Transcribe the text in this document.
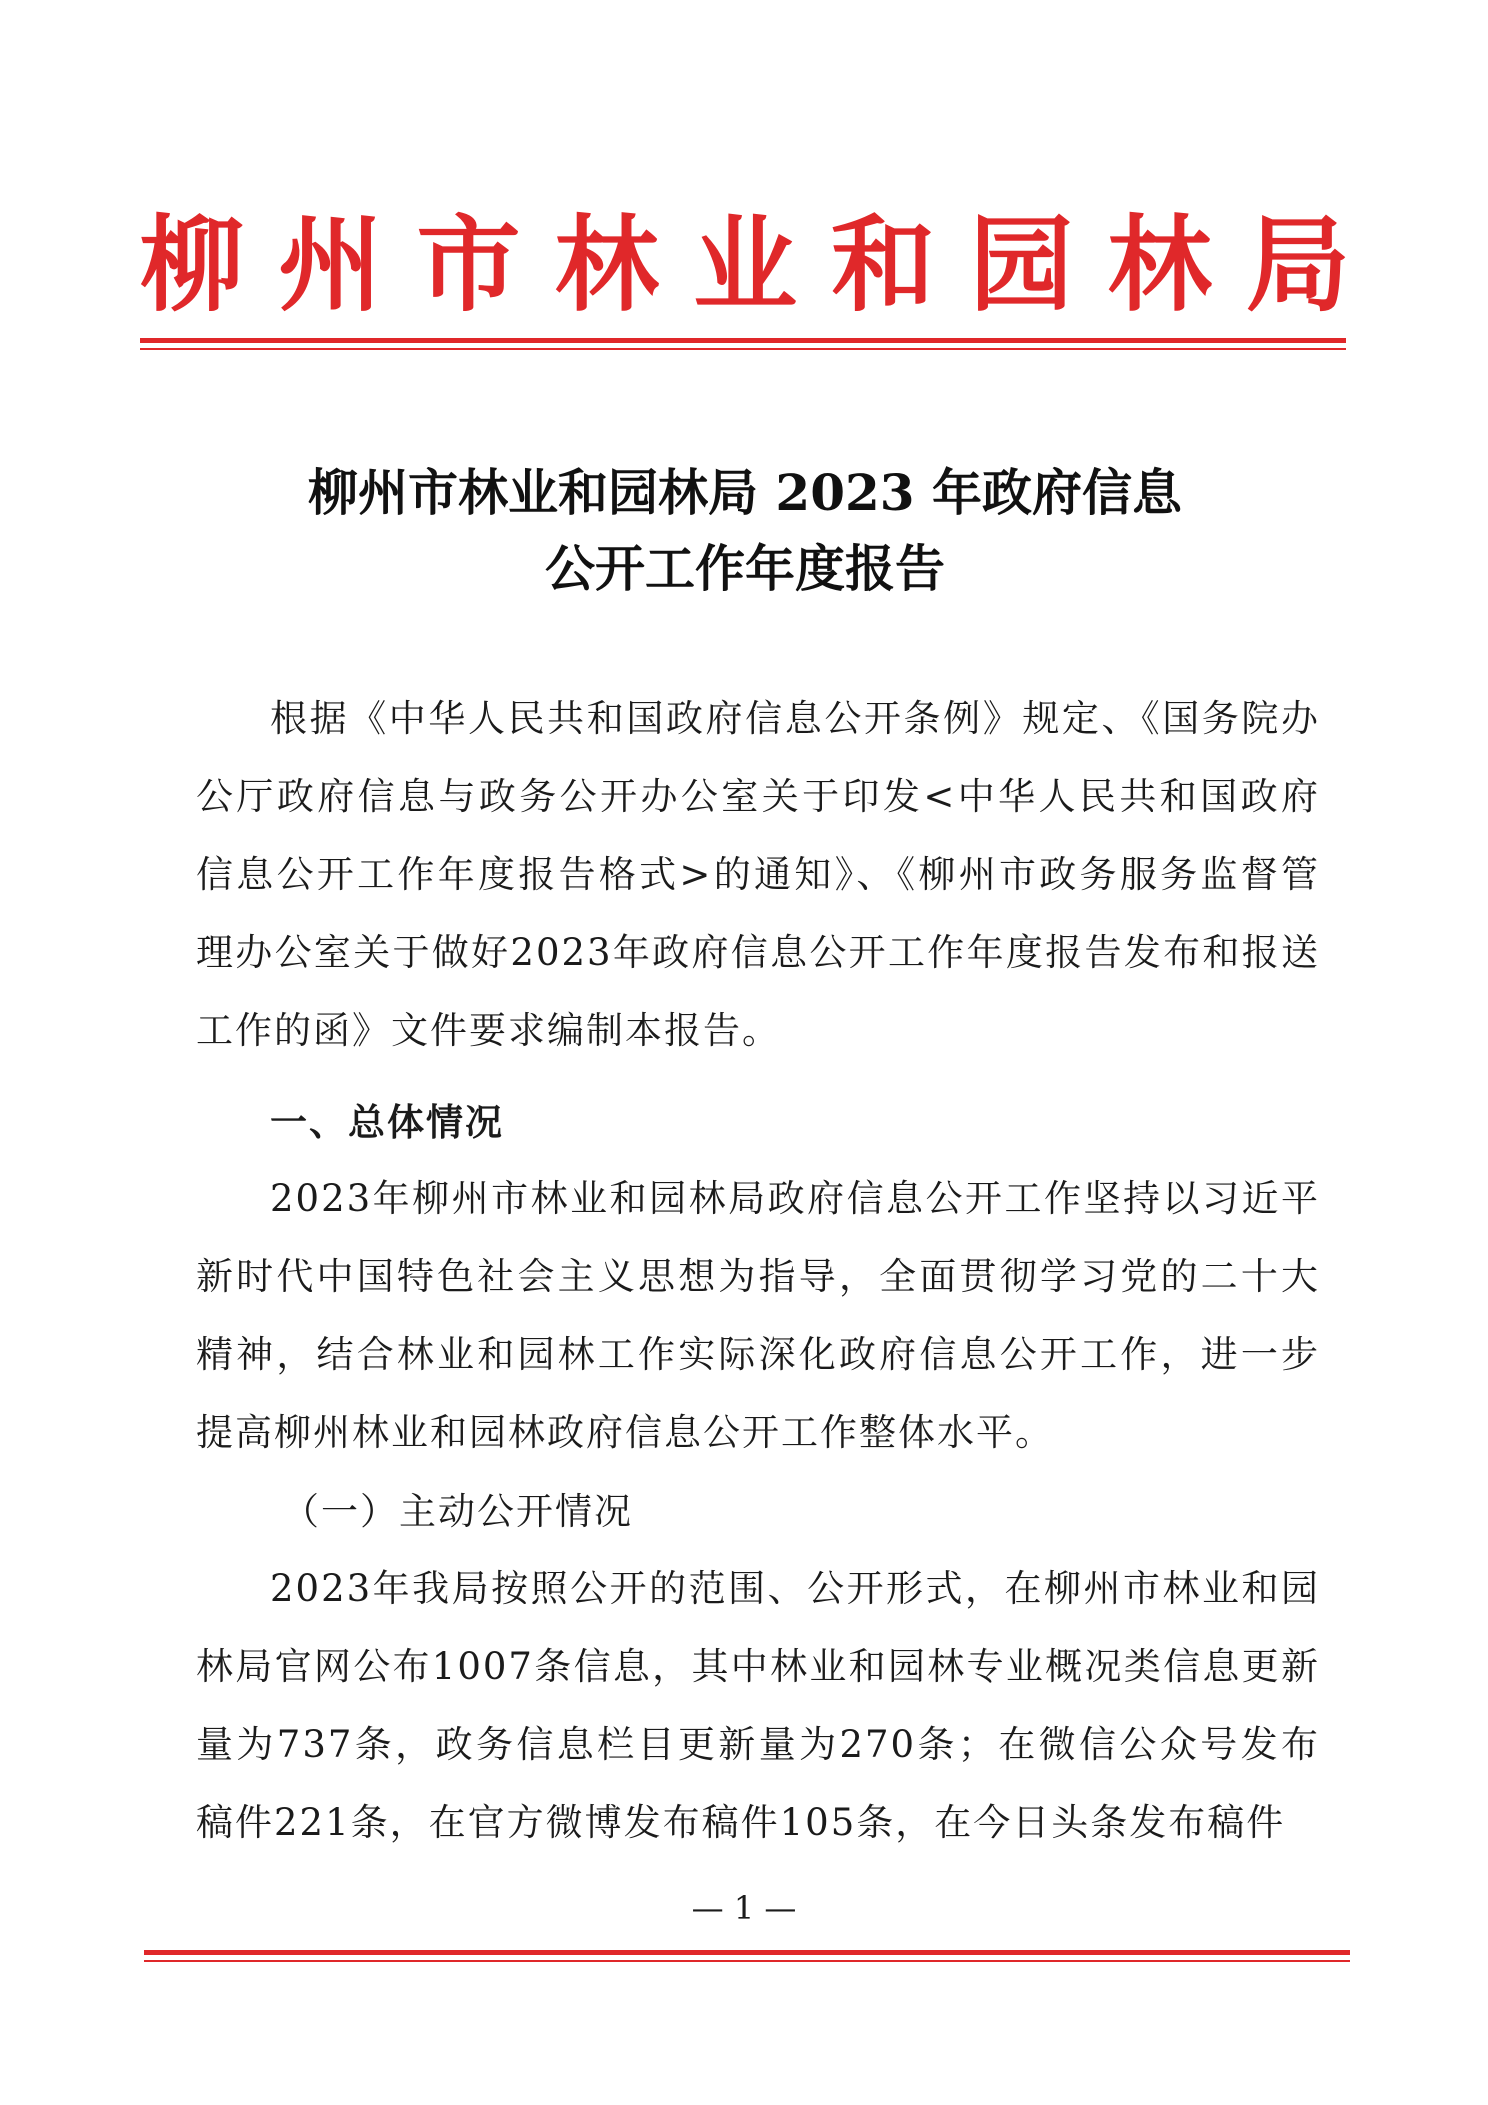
柳 州 市 林 业 和 园 林 局
柳州市林业和园林局 2023 年政府信息
公开工作年度报告
根据《中华人民共和国政府信息公开条例》规定、《国务院办公厅政府信息与政务公开办公室关于印发<中华人民共和国政府信息公开工作年度报告格式>的通知》、《柳州市政务服务监督管理办公室关于做好2023年政府信息公开工作年度报告发布和报送工作的函》文件要求编制本报告。
一、总体情况
2023年柳州市林业和园林局政府信息公开工作坚持以习近平新时代中国特色社会主义思想为指导，全面贯彻学习党的二十大精神，结合林业和园林工作实际深化政府信息公开工作，进一步提高柳州林业和园林政府信息公开工作整体水平。
（一）主动公开情况
2023年我局按照公开的范围、公开形式，在柳州市林业和园林局官网公布1007条信息，其中林业和园林专业概况类信息更新量为737条，政务信息栏目更新量为270条；在微信公众号发布稿件221条，在官方微博发布稿件105条，在今日头条发布稿件
— 1 —
